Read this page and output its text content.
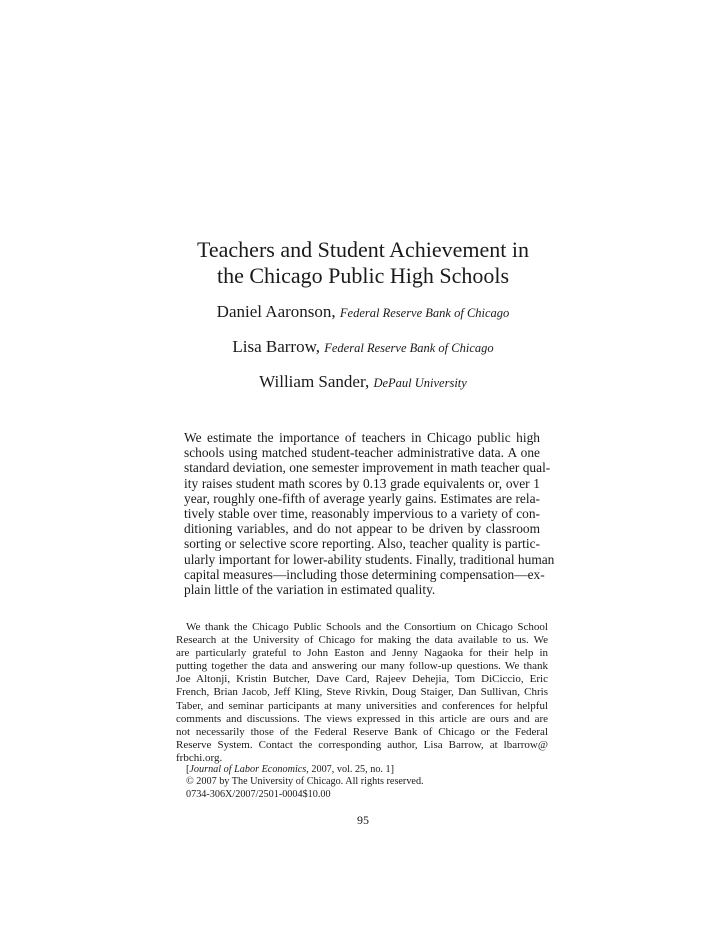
Teachers and Student Achievement in
the Chicago Public High Schools
Daniel Aaronson, Federal Reserve Bank of Chicago
Lisa Barrow, Federal Reserve Bank of Chicago
William Sander, DePaul University
We estimate the importance of teachers in Chicago public high
schools using matched student-teacher administrative data. A one
standard deviation, one semester improvement in math teacher qual-
ity raises student math scores by 0.13 grade equivalents or, over 1
year, roughly one-fifth of average yearly gains. Estimates are rela-
tively stable over time, reasonably impervious to a variety of con-
ditioning variables, and do not appear to be driven by classroom
sorting or selective score reporting. Also, teacher quality is partic-
ularly important for lower-ability students. Finally, traditional human
capital measures—including those determining compensation—ex-
plain little of the variation in estimated quality.
We thank the Chicago Public Schools and the Consortium on Chicago School
Research at the University of Chicago for making the data available to us. We
are particularly grateful to John Easton and Jenny Nagaoka for their help in
putting together the data and answering our many follow-up questions. We thank
Joe Altonji, Kristin Butcher, Dave Card, Rajeev Dehejia, Tom DiCiccio, Eric
French, Brian Jacob, Jeff Kling, Steve Rivkin, Doug Staiger, Dan Sullivan, Chris
Taber, and seminar participants at many universities and conferences for helpful
comments and discussions. The views expressed in this article are ours and are
not necessarily those of the Federal Reserve Bank of Chicago or the Federal
Reserve System. Contact the corresponding author, Lisa Barrow, at lbarrow@
frbchi.org.
[Journal of Labor Economics, 2007, vol. 25, no. 1]
© 2007 by The University of Chicago. All rights reserved.
0734-306X/2007/2501-0004$10.00
95
